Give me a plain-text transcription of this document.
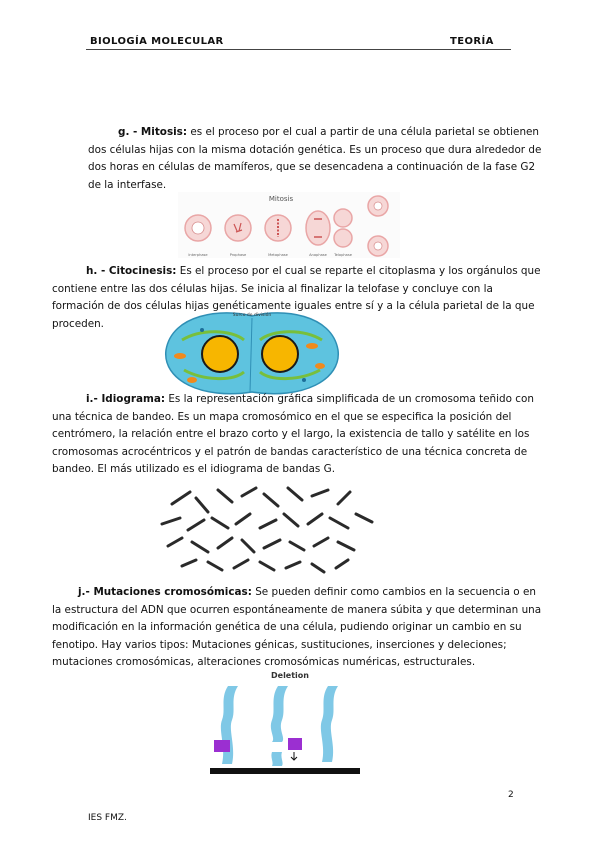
BIOLOGÍA MOLECULAR	TEORÍA

g. - Mitosis: es el proceso por el cual a partir de una célula parietal se obtienen dos células hijas con la misma dotación genética. Es un proceso que dura alrededor de dos horas en células de mamíferos, que se desencadena a continuación de la fase G2 de la interfase.

Mitosis
Interphase	Prophase	Metaphase	Anaphase Telophase

h. - Citocinesis: Es el proceso por el cual se reparte el citoplasma y los orgánulos que contiene entre las dos células hijas. Se inicia al finalizar la telofase y concluye con la formación de dos células hijas genéticamente iguales entre sí y a la célula parietal de la que proceden.

Surco de división

i.- Idiograma: Es la representación gráfica simplificada de un cromosoma teñido con una técnica de bandeo. Es un mapa cromosómico en el que se especifica la posición del centrómero, la relación entre el brazo corto y el largo, la existencia de tallo y satélite en los cromosomas acrocéntricos y el patrón de bandas característico de una técnica concreta de bandeo. El más utilizado es el idiograma de bandas G.

j.- Mutaciones cromosómicas: Se pueden definir como cambios en la secuencia o en la estructura del ADN que ocurren espontáneamente de manera súbita y que determinan una modificación en la información genética de una célula, pudiendo originar un cambio en su fenotipo. Hay varios tipos: Mutaciones génicas, sustituciones, inserciones y deleciones; mutaciones cromosómicas, alteraciones cromosómicas numéricas, estructurales.

Deletion
2
IES FMZ.
